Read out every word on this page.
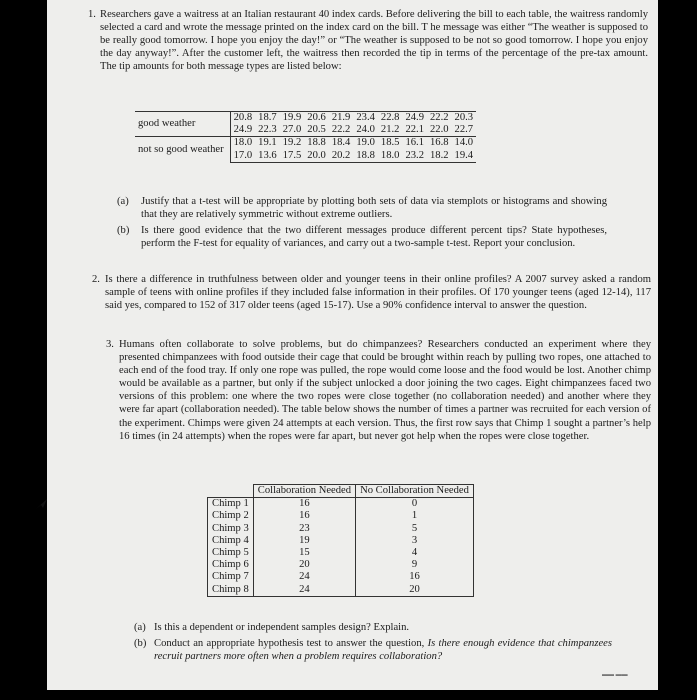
1. Researchers gave a waitress at an Italian restaurant 40 index cards. Before delivering the bill to each table, the waitress randomly selected a card and wrote the message printed on the index card on the bill. T he message was either “The weather is supposed to be really good tomorrow. I hope you enjoy the day!” or “The weather is supposed to be not so good tomorrow. I hope you enjoy the day anyway!”. After the customer left, the waitress then recorded the tip in terms of the percentage of the pre-tax amount. The tip amounts for both message types are listed below:

good weather	20.8	18.7	19.9	20.6	21.9	23.4	22.8	24.9	22.2	20.3
	24.9	22.3	27.0	20.5	22.2	24.0	21.2	22.1	22.0	22.7
not so good weather	18.0	19.1	19.2	18.8	18.4	19.0	18.5	16.1	16.8	14.0
	17.0	13.6	17.5	20.0	20.2	18.8	18.0	23.2	18.2	19.4
(a) Justify that a t-test will be appropriate by plotting both sets of data via stemplots or histograms and showing that they are relatively symmetric without extreme outliers.

(b) Is there good evidence that the two different messages produce different percent tips? State hypotheses, perform the F-test for equality of variances, and carry out a two-sample t-test. Report your conclusion.

2. Is there a difference in truthfulness between older and younger teens in their online profiles? A 2007 survey asked a random sample of teens with online profiles if they included false information in their profiles. Of 170 younger teens (aged 12-14), 117 said yes, compared to 152 of 317 older teens (aged 15-17). Use a 90% confidence interval to answer the question.

3. Humans often collaborate to solve problems, but do chimpanzees? Researchers conducted an experiment where they presented chimpanzees with food outside their cage that could be brought within reach by pulling two ropes, one attached to each end of the food tray. If only one rope was pulled, the rope would come loose and the food would be lost. Another chimp would be available as a partner, but only if the subject unlocked a door joining the two cages. Eight chimpanzees faced two versions of this problem: one where the two ropes were close together (no collaboration needed) and another where they were far apart (collaboration needed). The table below shows the number of times a partner was recruited for each version of the experiment. Chimps were given 24 attempts at each version. Thus, the first row says that Chimp 1 sought a partner’s help 16 times (in 24 attempts) when the ropes were far apart, but never got help when the ropes were close together.

	Collaboration Needed	No Collaboration Needed
Chimp 1	16	0
Chimp 2	16	1
Chimp 3	23	5
Chimp 4	19	3
Chimp 5	15	4
Chimp 6	20	9
Chimp 7	24	16
Chimp 8	24	20
(a) Is this a dependent or independent samples design? Explain.

(b) Conduct an appropriate hypothesis test to answer the question, Is there enough evidence that chimpanzees recruit partners more often when a problem requires collaboration?

▬▬ ▬▬
